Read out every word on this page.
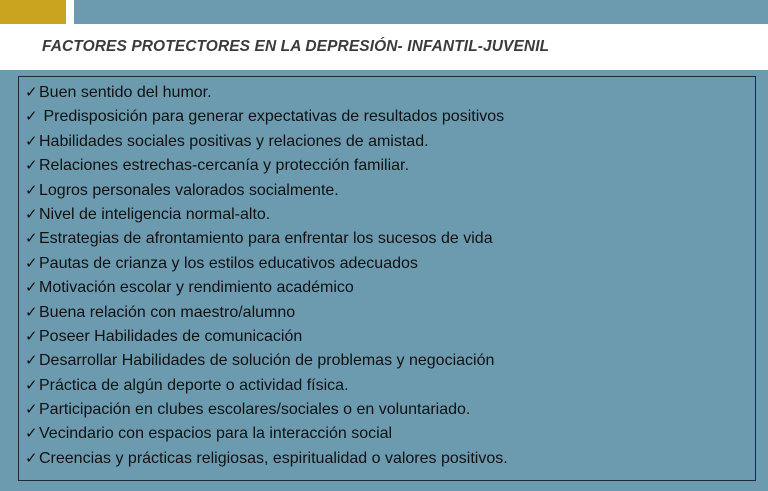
FACTORES PROTECTORES EN LA DEPRESIÓN- INFANTIL-JUVENIL
✓Buen sentido del humor.
✓ Predisposición para generar expectativas de resultados positivos
✓Habilidades sociales positivas y relaciones de amistad.
✓Relaciones estrechas-cercanía y protección familiar.
✓Logros personales valorados socialmente.
✓Nivel de inteligencia normal-alto.
✓Estrategias de afrontamiento para enfrentar los sucesos de vida
✓Pautas de crianza y los estilos educativos adecuados
✓Motivación escolar y rendimiento académico
✓Buena relación con maestro/alumno
✓Poseer Habilidades de comunicación
✓Desarrollar Habilidades de solución de problemas y negociación
✓Práctica de algún deporte o actividad física.
✓Participación en clubes escolares/sociales o en voluntariado.
✓Vecindario con espacios para la interacción social
✓Creencias y prácticas religiosas, espiritualidad o valores positivos.
